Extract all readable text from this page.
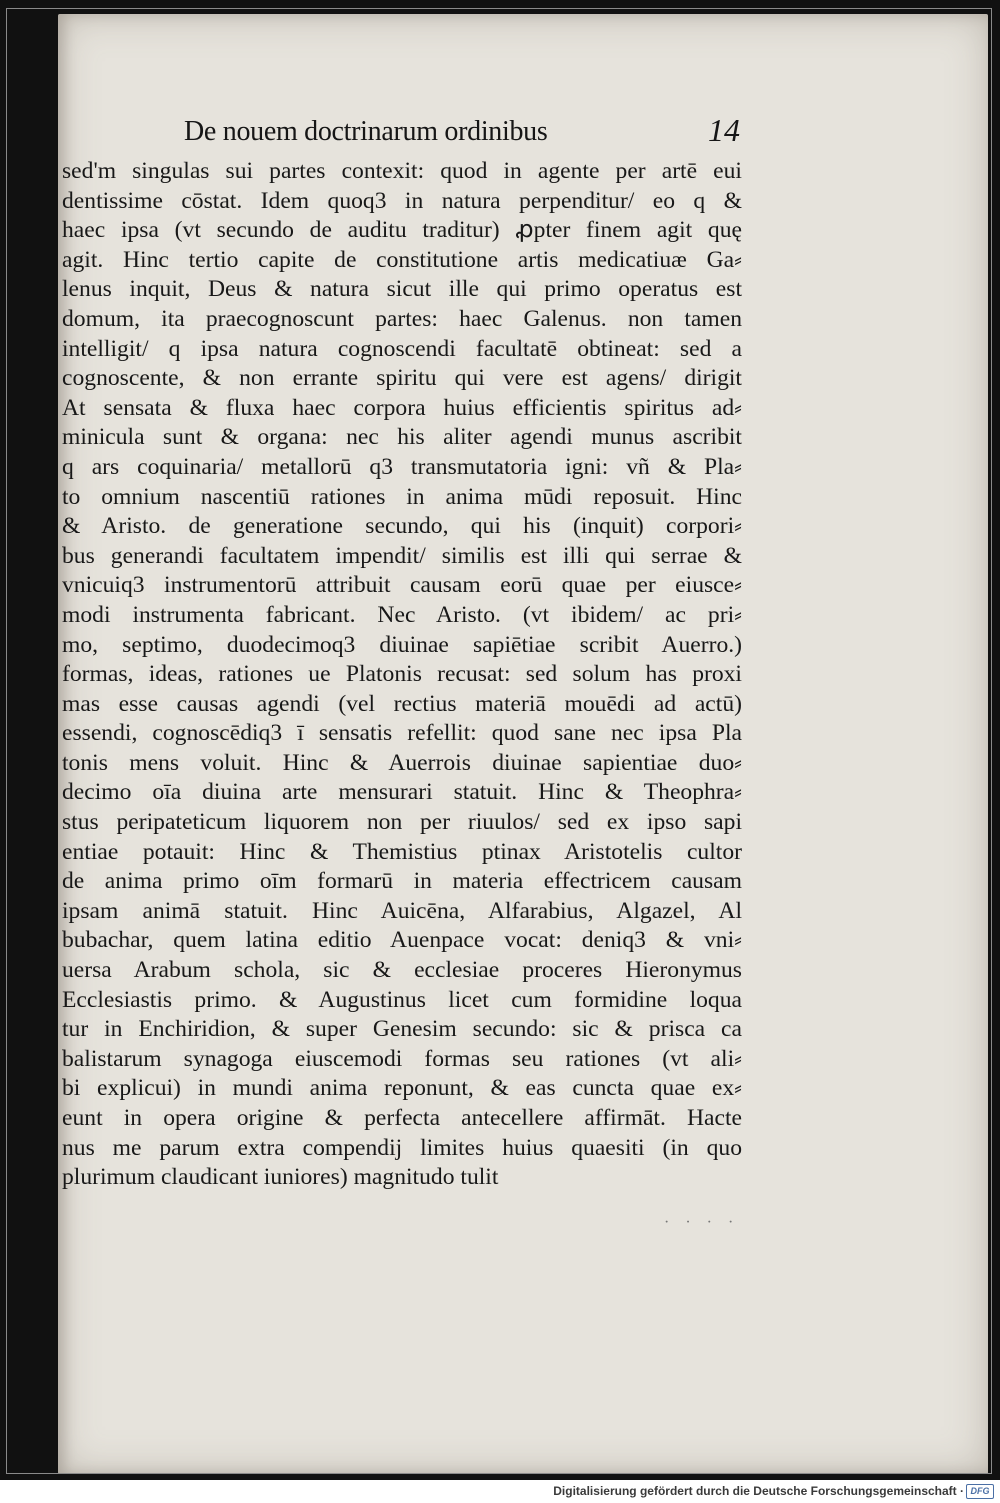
De nouem doctrinarum ordinibus	14
sed'm singulas sui partes contexit: quod in agente per artē eui
dentissime cōstat. Idem quoq3 in natura perpenditur/ eo q &
haec ipsa (vt secundo de auditu traditur) ꝓpter finem agit quę
agit. Hinc tertio capite de constitutione artis medicatiuæ Ga⸗
lenus inquit, Deus & natura sicut ille qui primo operatus est
domum, ita praecognoscunt partes: haec Galenus. non tamen
intelligit/ q ipsa natura cognoscendi facultatē obtineat: sed a
cognoscente, & non errante spiritu qui vere est agens/ dirigit
At sensata & fluxa haec corpora huius efficientis spiritus ad⸗
minicula sunt & organa: nec his aliter agendi munus ascribit
q ars coquinaria/ metallorū q3 transmutatoria igni: vñ & Pla⸗
to omnium nascentiū rationes in anima mūdi reposuit. Hinc
& Aristo. de generatione secundo, qui his (inquit) corpori⸗
bus generandi facultatem impendit/ similis est illi qui serrae &
vnicuiq3 instrumentorū attribuit causam eorū quae per eiusce⸗
modi instrumenta fabricant. Nec Aristo. (vt ibidem/ ac pri⸗
mo, septimo, duodecimoq3 diuinae sapiētiae scribit Auerro.)
formas, ideas, rationes ue Platonis recusat: sed solum has proxi
mas esse causas agendi (vel rectius materiā mouēdi ad actū)
essendi, cognoscēdiq3 ī sensatis refellit: quod sane nec ipsa Pla
tonis mens voluit. Hinc & Auerrois diuinae sapientiae duo⸗
decimo oīa diuina arte mensurari statuit. Hinc & Theophra⸗
stus peripateticum liquorem non per riuulos/ sed ex ipso sapi
entiae potauit: Hinc & Themistius ptinax Aristotelis cultor
de anima primo oīm formarū in materia effectricem causam
ipsam animā statuit. Hinc Auicēna, Alfarabius, Algazel, Al
bubachar, quem latina editio Auenpace vocat: deniq3 & vni⸗
uersa Arabum schola, sic & ecclesiae proceres Hieronymus
Ecclesiastis primo. & Augustinus licet cum formidine loqua
tur in Enchiridion, & super Genesim secundo: sic & prisca ca
balistarum synagoga eiuscemodi formas seu rationes (vt ali⸗
bi explicui) in mundi anima reponunt, & eas cuncta quae ex⸗
eunt in opera origine & perfecta antecellere affirmāt. Hacte
nus me parum extra compendij limites huius quaesiti (in quo
plurimum claudicant iuniores) magnitudo tulit
· · · ·
Digitalisierung gefördert durch die Deutsche Forschungsgemeinschaft · DFG
